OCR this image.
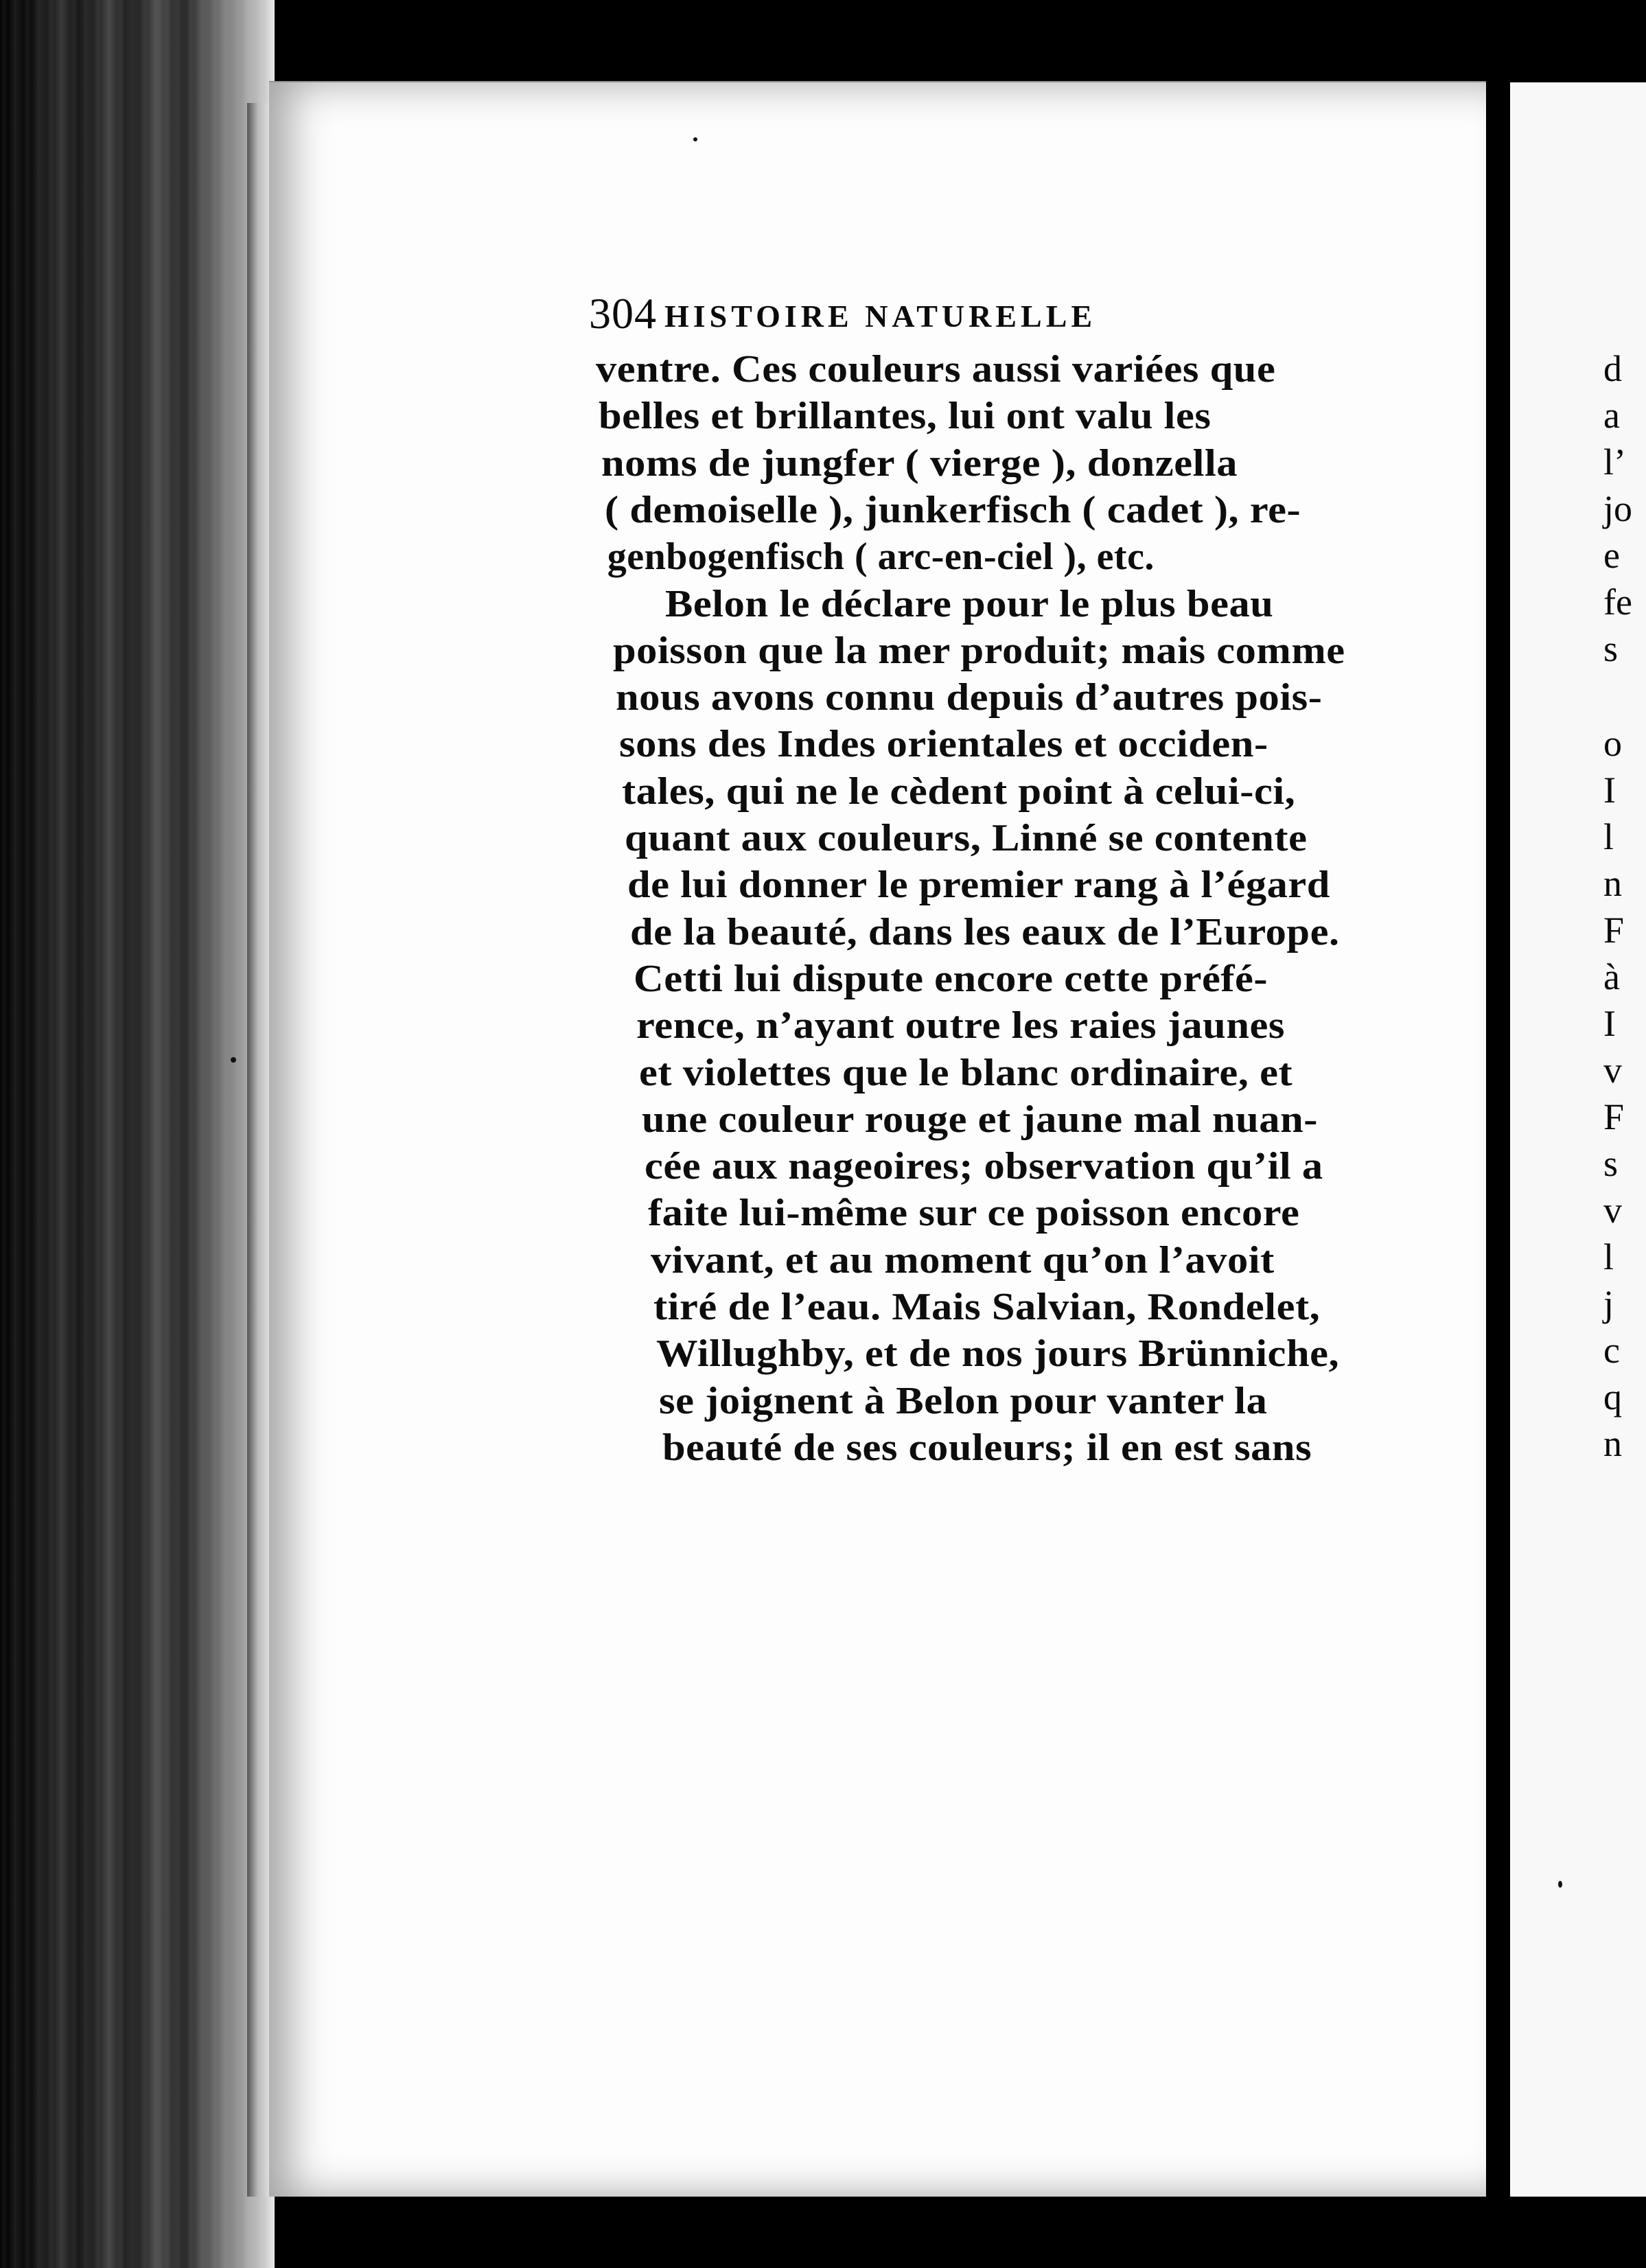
304 HISTOIRE NATURELLE
ventre. Ces couleurs aussi variées que
belles et brillantes, lui ont valu les
noms de jungfer ( vierge ), donzella
( demoiselle ), junkerfisch ( cadet ), re-
genbogenfisch ( arc-en-ciel ), etc.
Belon le déclare pour le plus beau
poisson que la mer produit; mais comme
nous avons connu depuis d’autres pois-
sons des Indes orientales et occiden-
tales, qui ne le cèdent point à celui-ci,
quant aux couleurs, Linné se contente
de lui donner le premier rang à l’égard
de la beauté, dans les eaux de l’Europe.
Cetti lui dispute encore cette préfé-
rence, n’ayant outre les raies jaunes
et violettes que le blanc ordinaire, et
une couleur rouge et jaune mal nuan-
cée aux nageoires; observation qu’il a
faite lui-même sur ce poisson encore
vivant, et au moment qu’on l’avoit
tiré de l’eau. Mais Salvian, Rondelet,
Willughby, et de nos jours Brünniche,
se joignent à Belon pour vanter la
beauté de ses couleurs; il en est sans
d
a
l’
jo
e
fe
s
o
I
l
n
F
à
I
v
F
s
v
l
j
c
q
n
